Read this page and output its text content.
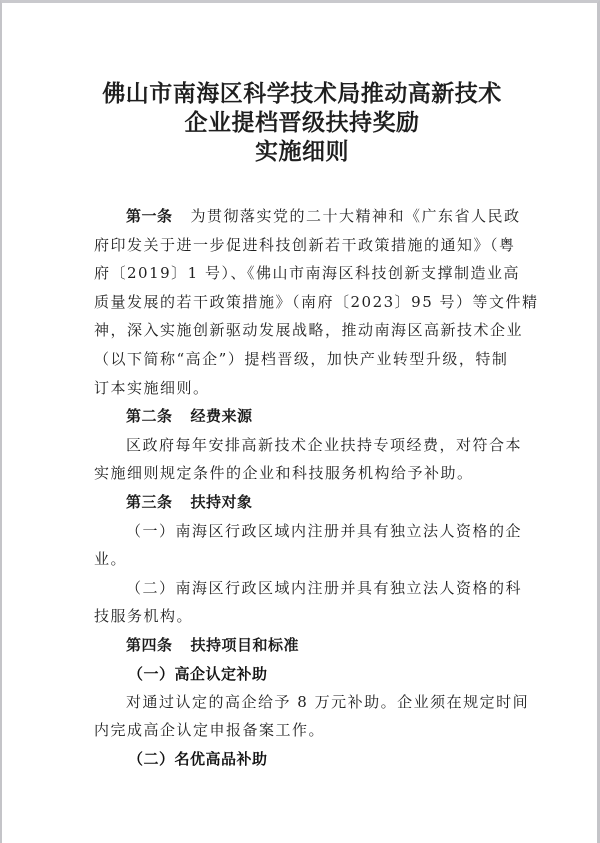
佛山市南海区科学技术局推动高新技术
企业提档晋级扶持奖励
实施细则
第一条 为贯彻落实党的二十大精神和《广东省人民政
府印发关于进一步促进科技创新若干政策措施的通知》（粤
府〔2019〕1 号）、《佛山市南海区科技创新支撑制造业高
质量发展的若干政策措施》（南府〔2023〕95 号）等文件精
神，深入实施创新驱动发展战略，推动南海区高新技术企业
（以下简称“高企”）提档晋级，加快产业转型升级，特制
订本实施细则。
第二条 经费来源
区政府每年安排高新技术企业扶持专项经费，对符合本
实施细则规定条件的企业和科技服务机构给予补助。
第三条 扶持对象
（一）南海区行政区域内注册并具有独立法人资格的企
业。
（二）南海区行政区域内注册并具有独立法人资格的科
技服务机构。
第四条 扶持项目和标准
（一）高企认定补助
对通过认定的高企给予 8 万元补助。企业须在规定时间
内完成高企认定申报备案工作。
（二）名优高品补助
